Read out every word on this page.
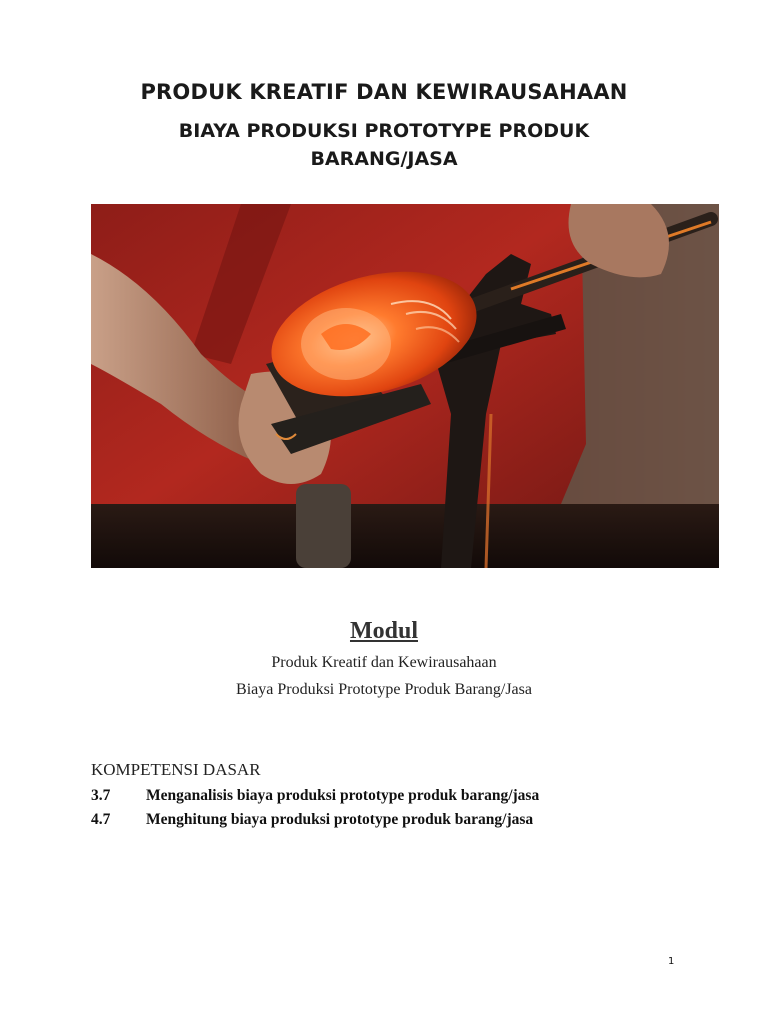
PRODUK KREATIF DAN KEWIRAUSAHAAN
BIAYA PRODUKSI PROTOTYPE PRODUK
BARANG/JASA
Modul
Produk Kreatif dan Kewirausahaan
Biaya Produksi Prototype Produk Barang/Jasa
KOMPETENSI DASAR
3.7 Menganalisis biaya produksi prototype produk barang/jasa
4.7 Menghitung biaya produksi prototype produk barang/jasa
1
